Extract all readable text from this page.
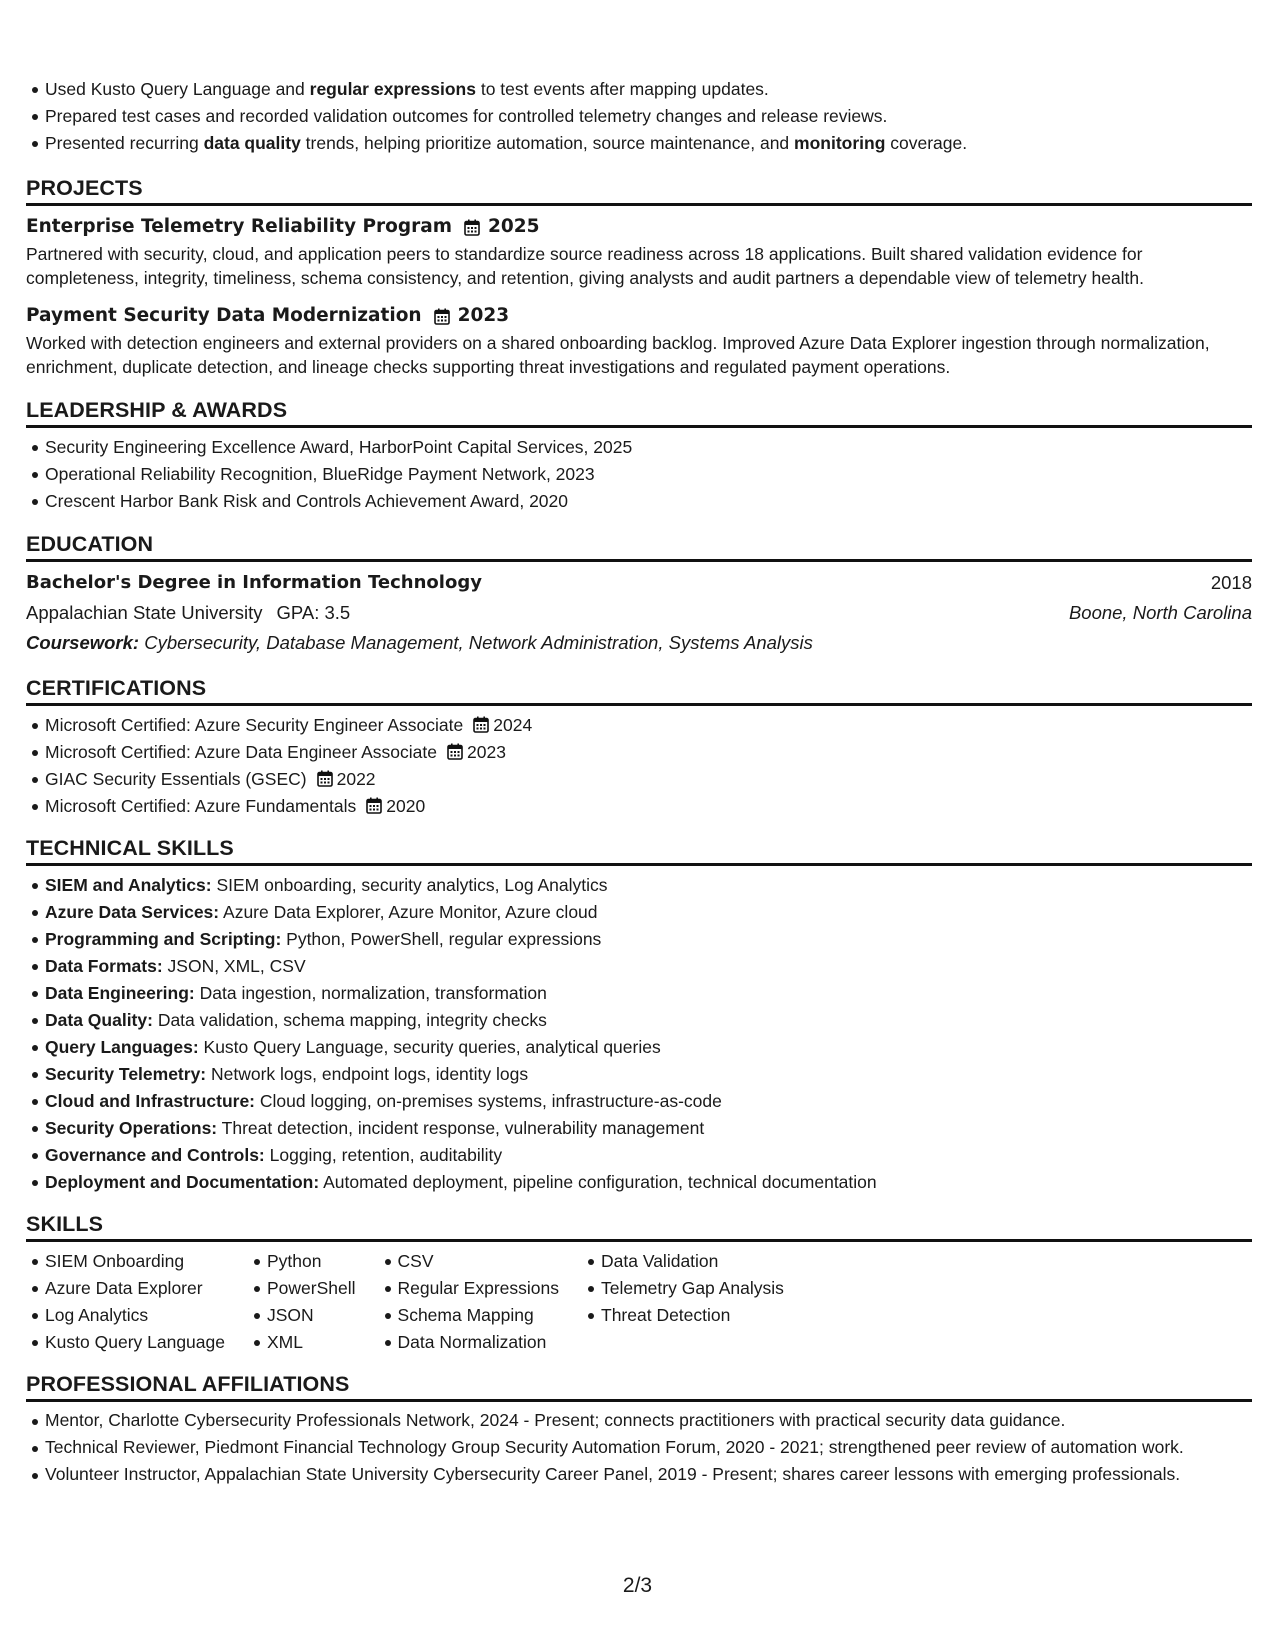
Used Kusto Query Language and regular expressions to test events after mapping updates.
Prepared test cases and recorded validation outcomes for controlled telemetry changes and release reviews.
Presented recurring data quality trends, helping prioritize automation, source maintenance, and monitoring coverage.
PROJECTS
Enterprise Telemetry Reliability Program 2025
Partnered with security, cloud, and application peers to standardize source readiness across 18 applications. Built shared validation evidence for completeness, integrity, timeliness, schema consistency, and retention, giving analysts and audit partners a dependable view of telemetry health.
Payment Security Data Modernization 2023
Worked with detection engineers and external providers on a shared onboarding backlog. Improved Azure Data Explorer ingestion through normalization, enrichment, duplicate detection, and lineage checks supporting threat investigations and regulated payment operations.
LEADERSHIP & AWARDS
Security Engineering Excellence Award, HarborPoint Capital Services, 2025
Operational Reliability Recognition, BlueRidge Payment Network, 2023
Crescent Harbor Bank Risk and Controls Achievement Award, 2020
EDUCATION
Bachelor's Degree in Information Technology	2018
Appalachian State University GPA: 3.5	Boone, North Carolina
Coursework: Cybersecurity, Database Management, Network Administration, Systems Analysis
CERTIFICATIONS
Microsoft Certified: Azure Security Engineer Associate 2024
Microsoft Certified: Azure Data Engineer Associate 2023
GIAC Security Essentials (GSEC) 2022
Microsoft Certified: Azure Fundamentals 2020
TECHNICAL SKILLS
SIEM and Analytics: SIEM onboarding, security analytics, Log Analytics
Azure Data Services: Azure Data Explorer, Azure Monitor, Azure cloud
Programming and Scripting: Python, PowerShell, regular expressions
Data Formats: JSON, XML, CSV
Data Engineering: Data ingestion, normalization, transformation
Data Quality: Data validation, schema mapping, integrity checks
Query Languages: Kusto Query Language, security queries, analytical queries
Security Telemetry: Network logs, endpoint logs, identity logs
Cloud and Infrastructure: Cloud logging, on-premises systems, infrastructure-as-code
Security Operations: Threat detection, incident response, vulnerability management
Governance and Controls: Logging, retention, auditability
Deployment and Documentation: Automated deployment, pipeline configuration, technical documentation
SKILLS
SIEM Onboarding
Azure Data Explorer
Log Analytics
Kusto Query Language
Python
PowerShell
JSON
XML
CSV
Regular Expressions
Schema Mapping
Data Normalization
Data Validation
Telemetry Gap Analysis
Threat Detection
PROFESSIONAL AFFILIATIONS
Mentor, Charlotte Cybersecurity Professionals Network, 2024 - Present; connects practitioners with practical security data guidance.
Technical Reviewer, Piedmont Financial Technology Group Security Automation Forum, 2020 - 2021; strengthened peer review of automation work.
Volunteer Instructor, Appalachian State University Cybersecurity Career Panel, 2019 - Present; shares career lessons with emerging professionals.
2/3
